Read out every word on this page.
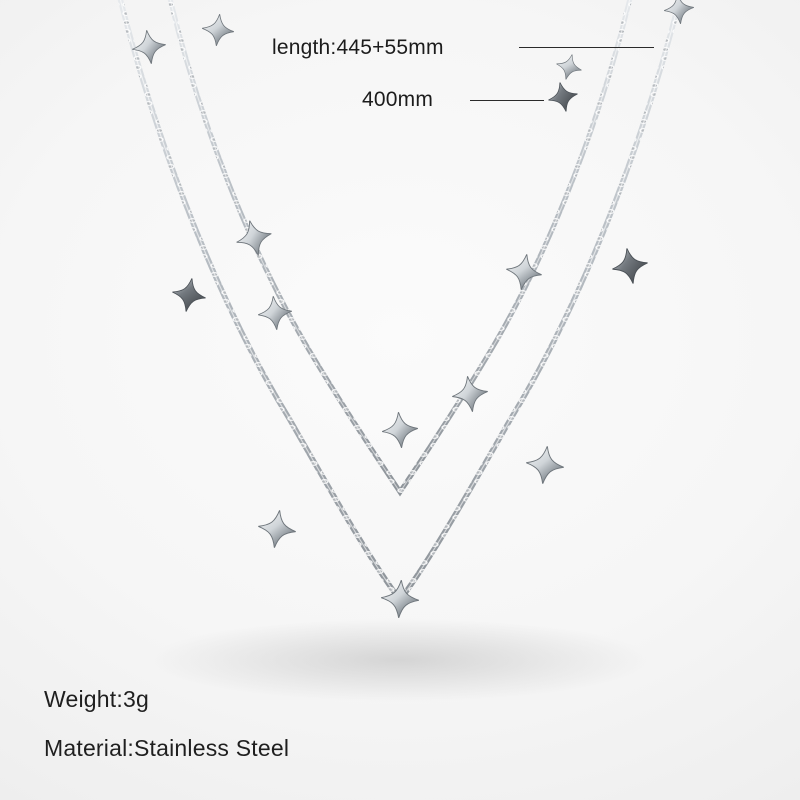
length:445+55mm
400mm
Weight:3g
Material:Stainless Steel
